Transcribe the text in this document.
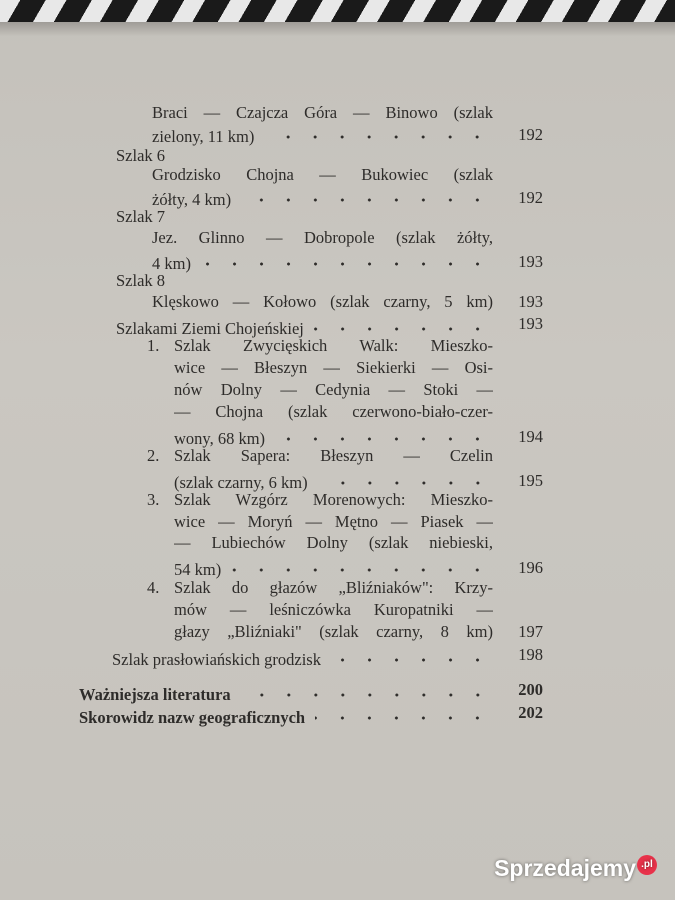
Braci — Czajcza Góra — Binowo (szlak
zielony, 11 km)	192
Szlak 6
Grodzisko Chojna — Bukowiec (szlak
żółty, 4 km)	192
Szlak 7
Jez. Glinno — Dobropole (szlak żółty,
4 km)	193
Szlak 8
Klęskowo — Kołowo (szlak czarny, 5 km) 193
Szlakami Ziemi Chojeńskiej	193
1. Szlak Zwycięskich Walk: Mieszko-
wice — Błeszyn — Siekierki — Osi-
nów Dolny — Cedynia — Stoki —
— Chojna (szlak czerwono-biało-czer-
wony, 68 km)	194
2. Szlak Sapera: Błeszyn — Czelin
(szlak czarny, 6 km)	195
3. Szlak Wzgórz Morenowych: Mieszko-
wice — Moryń — Mętno — Piasek —
— Lubiechów Dolny (szlak niebieski,
54 km)	196
4. Szlak do głazów „Bliźniaków": Krzy-
mów — leśniczówka Kuropatniki —
głazy „Bliźniaki" (szlak czarny, 8 km) 197
Szlak prasłowiańskich grodzisk	198
Ważniejsza literatura	200
Skorowidz nazw geograficznych	202
Sprzedajemy .pl
